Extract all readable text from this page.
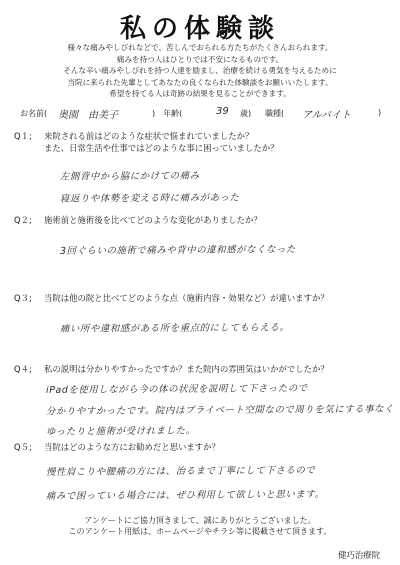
私の体験談
様々な痛みやしびれなどで、苦しんでおられる方たちがたくさんおられます。
痛みを持つ人はひとりでは不安になるものです。
そんな辛い痛みやしびれを持つ人達を励まし、治療を続ける勇気を与えるために
当院に来られた先輩としてあなたの良くなられた体験談をお願いいたします。
希望を持てる人は奇跡の結果を見ることができます。
お名前( 奥園　由美子	)　年齢(	39 歳) 職種( アルバイト	)
Q１; 来院される前はどのような症状で悩まれていましたか？
また、日常生活や仕事ではどのような事に困っていましたか？
左側背中から脇にかけての痛み
寝返りや体勢を変える時に痛みがあった
Q２; 施術前と施術後を比べてどのような変化がありましたか？
3回ぐらいの施術で痛みや背中の違和感がなくなった
Q３; 当院は他の院と比べてどのような点（施術内容・効果など）が違いますか？
痛い所や違和感がある所を重点的にしてもらえる。
Q４; 私の説明は分かりやすかったですか？また院内の雰囲気はいかがでしたか？
iPadを使用しながら今の体の状況を説明して下さったので
分かりやすかったです。院内はプライベート空間なので周りを気にする事なく
ゆったりと施術が受けれました。
Q５; 当院はどのような方にお勧めだと思いますか？
慢性肩こりや腰痛の方には、治るまで丁寧にして下さるので
痛みで困っている場合には、ぜひ利用して欲しいと思います。
アンケートにご協力頂きまして、誠にありがとうございました。
このアンケート用紙は、ホームページやチラシ等に掲載させて頂きます。
健巧治療院
